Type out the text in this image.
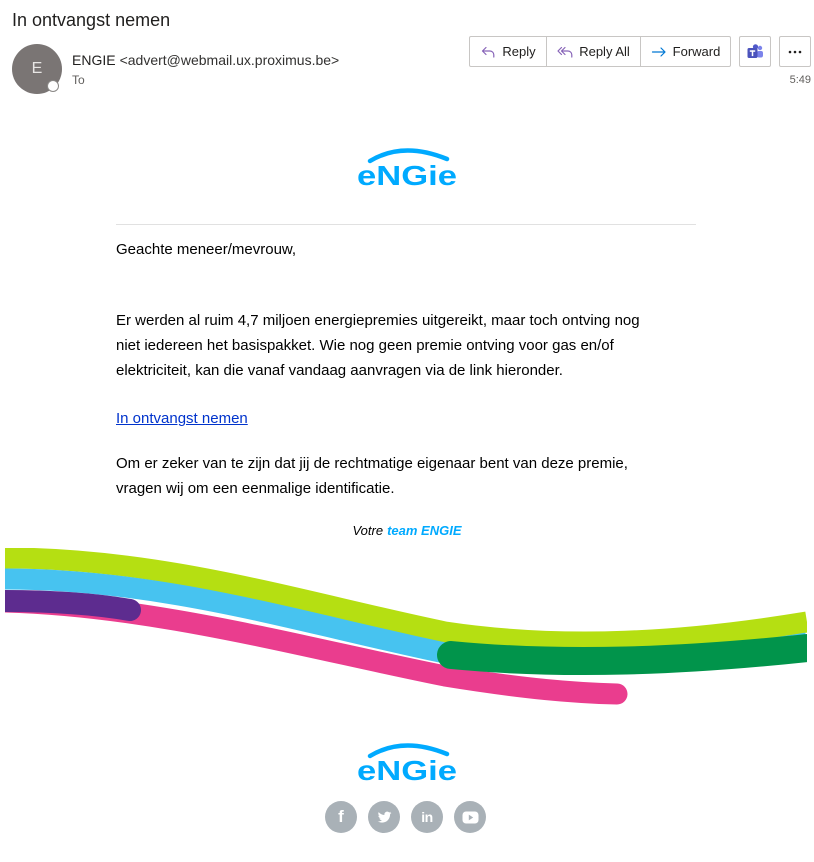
In ontvangst nemen
E ENGIE <advert@webmail.ux.proximus.be>
To
Reply	Reply All	Forward
5:49
eNGie
Geachte meneer/mevrouw,
Er werden al ruim 4,7 miljoen energiepremies uitgereikt, maar toch ontving nog
niet iedereen het basispakket. Wie nog geen premie ontving voor gas en/of
elektriciteit, kan die vanaf vandaag aanvragen via de link hieronder.
In ontvangst nemen
Om er zeker van te zijn dat jij de rechtmatige eigenaar bent van deze premie,
vragen wij om een eenmalige identificatie.
Votre team ENGIE
eNGie
f	in
